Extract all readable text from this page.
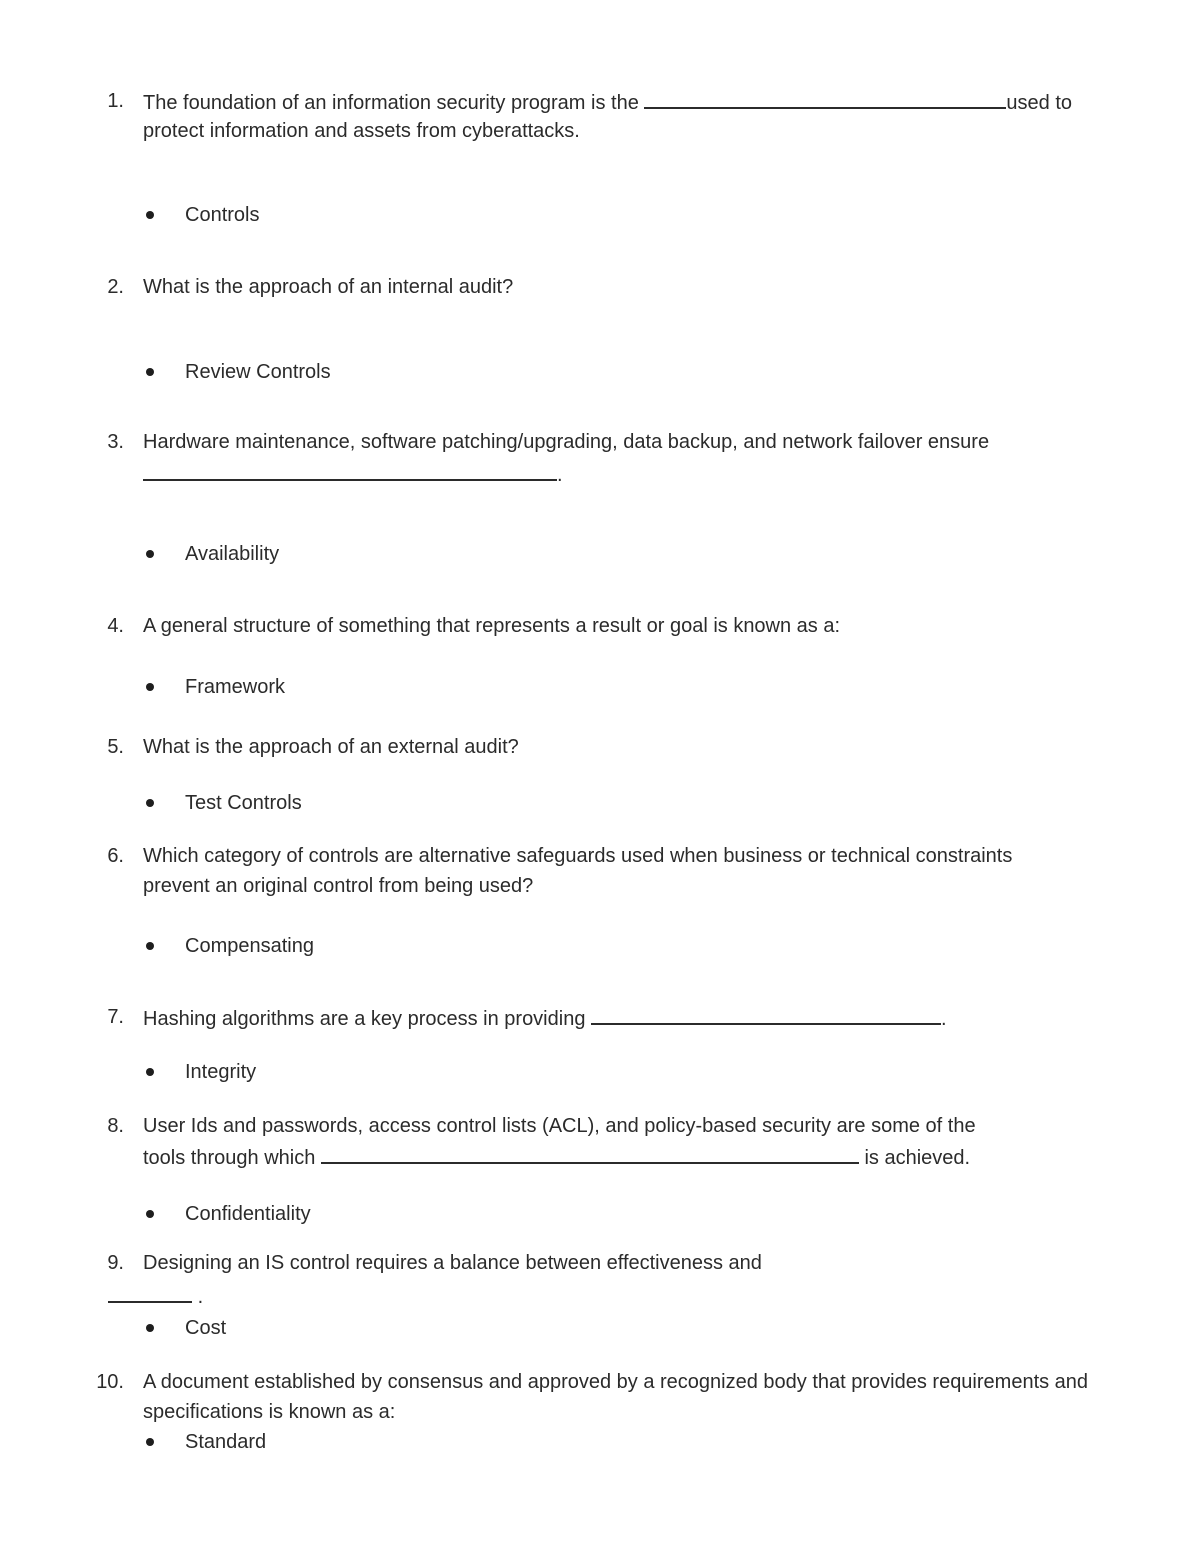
1. The foundation of an information security program is the	used to
protect information and assets from cyberattacks.
Controls
2. What is the approach of an internal audit?
Review Controls
3. Hardware maintenance, software patching/upgrading, data backup, and network failover ensure
.
Availability
4. A general structure of something that represents a result or goal is known as a:
Framework
5. What is the approach of an external audit?
Test Controls
6. Which category of controls are alternative safeguards used when business or technical constraints
prevent an original control from being used?
Compensating
7. Hashing algorithms are a key process in providing	.
Integrity
8. User Ids and passwords, access control lists (ACL), and policy-based security are some of the
tools through which	is achieved.
Confidentiality
9. Designing an IS control requires a balance between effectiveness and
.
Cost
10. A document established by consensus and approved by a recognized body that provides requirements and
specifications is known as a:
Standard
